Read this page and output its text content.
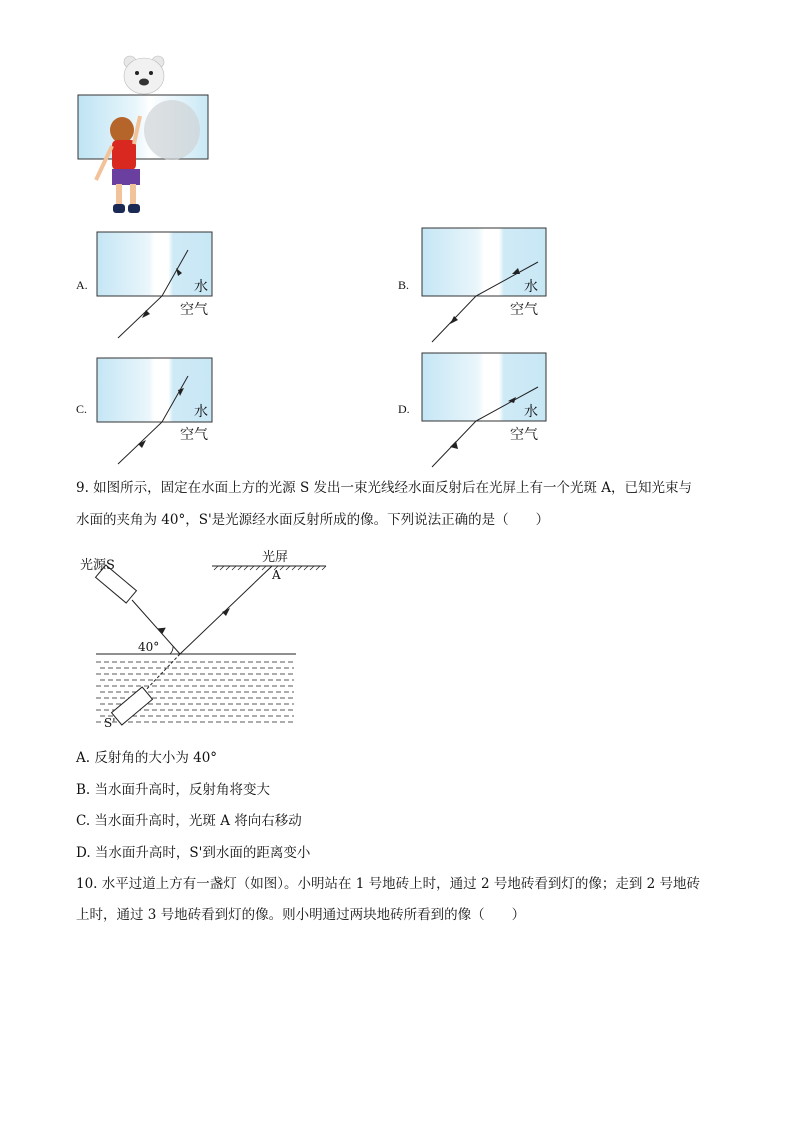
A.	水
空气
B.	水
空气
C.	水
空气
D.	水
空气
9. 如图所示，固定在水面上方的光源 S 发出一束光线经水面反射后在光屏上有一个光斑 A，已知光束与
水面的夹角为 40°，S'是光源经水面反射所成的像。下列说法正确的是（　　）
光屏
A
光源S
40°
S'
A. 反射角的大小为 40°
B. 当水面升高时，反射角将变大
C. 当水面升高时，光斑 A 将向右移动
D. 当水面升高时，S'到水面的距离变小
10. 水平过道上方有一盏灯（如图）。小明站在 1 号地砖上时，通过 2 号地砖看到灯的像；走到 2 号地砖
上时，通过 3 号地砖看到灯的像。则小明通过两块地砖所看到的像（　　）
